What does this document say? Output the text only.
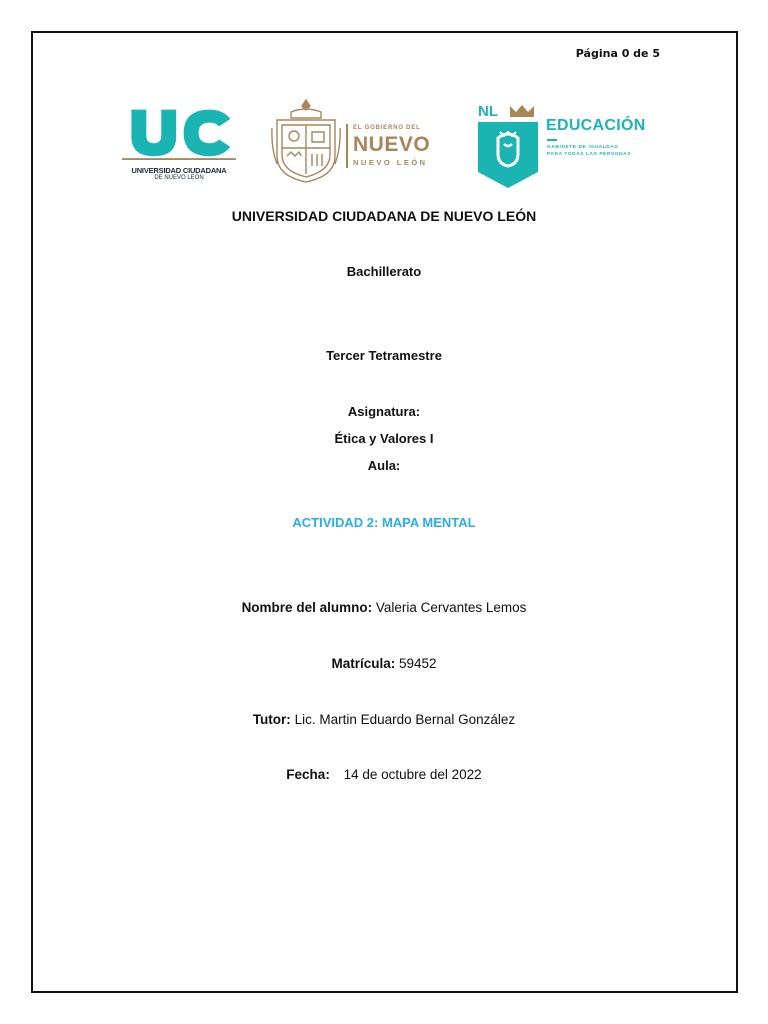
Página 0 de 5
UNIVERSIDAD CIUDADANA
DE NUEVO LEÓN
EL GOBIERNO DEL
NUEVO
NUEVO LEÓN
NL
EDUCACIÓN
GABINETE DE IGUALDAD
PARA TODAS LAS PERSONAS
UNIVERSIDAD CIUDADANA DE NUEVO LEÓN
Bachillerato
Tercer Tetramestre
Asignatura:
Ética y Valores I
Aula:
ACTIVIDAD 2: MAPA MENTAL
Nombre del alumno: Valeria Cervantes Lemos
Matrícula: 59452
Tutor: Lic. Martin Eduardo Bernal González
Fecha: 14 de octubre del 2022
